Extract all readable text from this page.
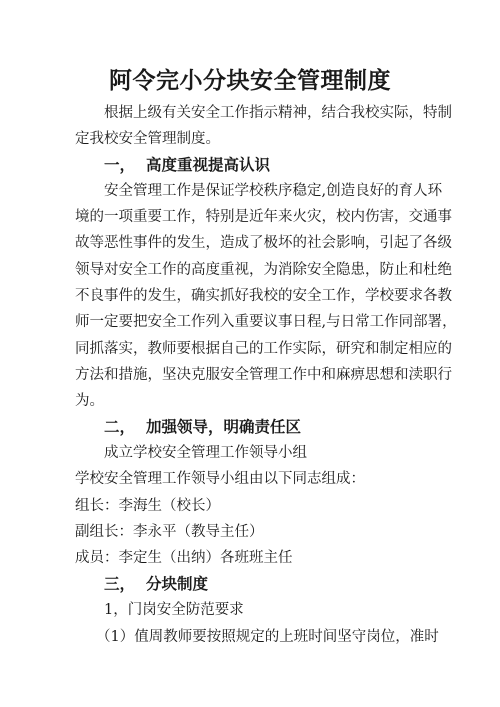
阿令完小分块安全管理制度
根据上级有关安全工作指示精神，结合我校实际，特制
定我校安全管理制度。
一， 高度重视提高认识
安全管理工作是保证学校秩序稳定,创造良好的育人环
境的一项重要工作，特别是近年来火灾，校内伤害，交通事
故等恶性事件的发生，造成了极坏的社会影响，引起了各级
领导对安全工作的高度重视，为消除安全隐患，防止和杜绝
不良事件的发生，确实抓好我校的安全工作，学校要求各教
师一定要把安全工作列入重要议事日程,与日常工作同部署，
同抓落实，教师要根据自己的工作实际，研究和制定相应的
方法和措施，坚决克服安全管理工作中和麻痹思想和渎职行
为。
二， 加强领导，明确责任区
成立学校安全管理工作领导小组
学校安全管理工作领导小组由以下同志组成：
组长：李海生（校长）
副组长：李永平（教导主任）
成员：李定生（出纳）各班班主任
三， 分块制度
1，门岗安全防范要求
（1）值周教师要按照规定的上班时间坚守岗位，准时
